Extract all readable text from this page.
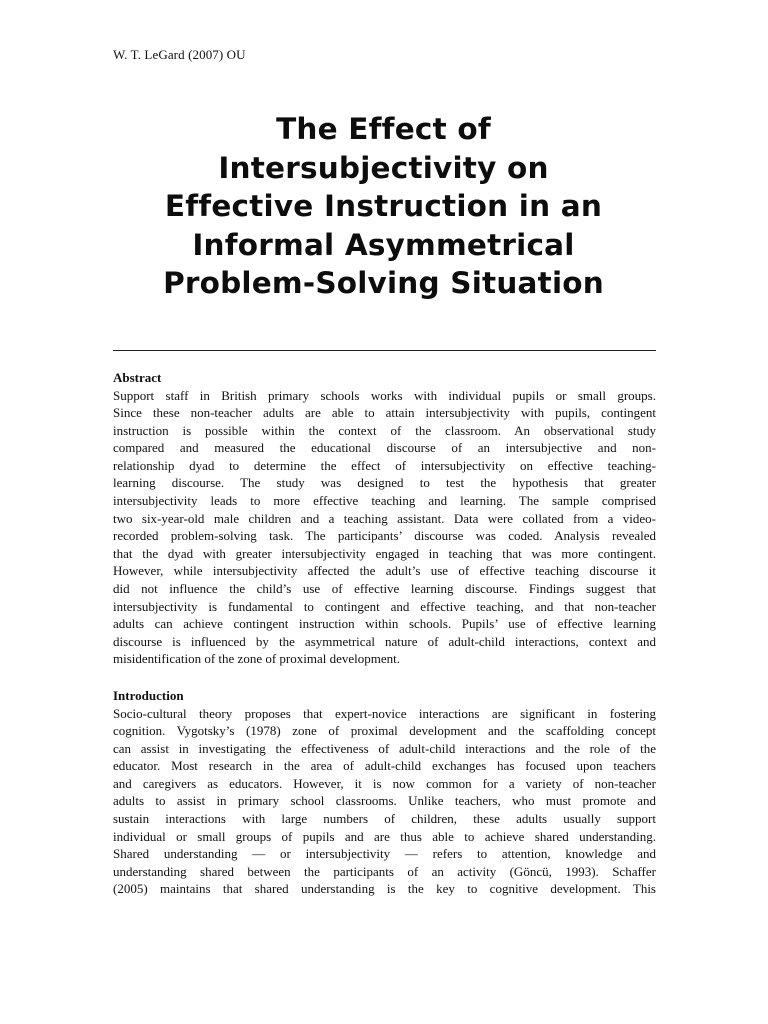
W. T. LeGard (2007) OU
The Effect of
Intersubjectivity on
Effective Instruction in an
Informal Asymmetrical
Problem-Solving Situation
Abstract
Support staff in British primary schools works with individual pupils or small groups.
Since these non-teacher adults are able to attain intersubjectivity with pupils, contingent
instruction is possible within the context of the classroom. An observational study
compared and measured the educational discourse of an intersubjective and non-
relationship dyad to determine the effect of intersubjectivity on effective teaching-
learning discourse. The study was designed to test the hypothesis that greater
intersubjectivity leads to more effective teaching and learning. The sample comprised
two six-year-old male children and a teaching assistant. Data were collated from a video-
recorded problem-solving task. The participants’ discourse was coded. Analysis revealed
that the dyad with greater intersubjectivity engaged in teaching that was more contingent.
However, while intersubjectivity affected the adult’s use of effective teaching discourse it
did not influence the child’s use of effective learning discourse. Findings suggest that
intersubjectivity is fundamental to contingent and effective teaching, and that non-teacher
adults can achieve contingent instruction within schools. Pupils’ use of effective learning
discourse is influenced by the asymmetrical nature of adult-child interactions, context and
misidentification of the zone of proximal development.
Introduction
Socio-cultural theory proposes that expert-novice interactions are significant in fostering
cognition. Vygotsky’s (1978) zone of proximal development and the scaffolding concept
can assist in investigating the effectiveness of adult-child interactions and the role of the
educator. Most research in the area of adult-child exchanges has focused upon teachers
and caregivers as educators. However, it is now common for a variety of non-teacher
adults to assist in primary school classrooms. Unlike teachers, who must promote and
sustain interactions with large numbers of children, these adults usually support
individual or small groups of pupils and are thus able to achieve shared understanding.
Shared understanding — or intersubjectivity — refers to attention, knowledge and
understanding shared between the participants of an activity (Göncü, 1993). Schaffer
(2005) maintains that shared understanding is the key to cognitive development. This
